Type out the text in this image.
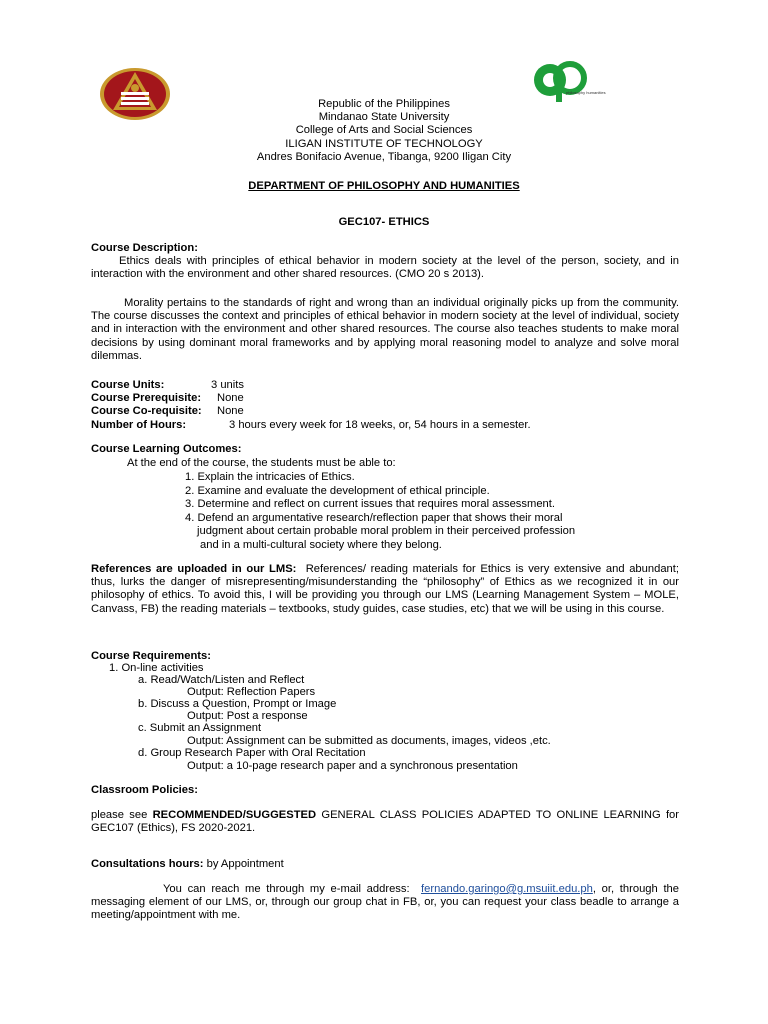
philosophy humanities
Republic of the Philippines
Mindanao State University
College of Arts and Social Sciences
ILIGAN INSTITUTE OF TECHNOLOGY
Andres Bonifacio Avenue, Tibanga, 9200 Iligan City
DEPARTMENT OF PHILOSOPHY AND HUMANITIES
GEC107- ETHICS
Course Description:
Ethics deals with principles of ethical behavior in modern society at the level of the person, society, and in interaction with the environment and other shared resources. (CMO 20 s 2013).
Morality pertains to the standards of right and wrong than an individual originally picks up from the community. The course discusses the context and principles of ethical behavior in modern society at the level of individual, society and in interaction with the environment and other shared resources. The course also teaches students to make moral decisions by using dominant moral frameworks and by applying moral reasoning model to analyze and solve moral dilemmas.
Course Units:	3 units
Course Prerequisite: None
Course Co-requisite: None
Number of Hours:	3 hours every week for 18 weeks, or, 54 hours in a semester.
Course Learning Outcomes:
At the end of the course, the students must be able to:
1. Explain the intricacies of Ethics.
2. Examine and evaluate the development of ethical principle.
3. Determine and reflect on current issues that requires moral assessment.
4. Defend an argumentative research/reflection paper that shows their moral
judgment about certain probable moral problem in their perceived profession
and in a multi-cultural society where they belong.
References are uploaded in our LMS: References/ reading materials for Ethics is very extensive and abundant; thus, lurks the danger of misrepresenting/misunderstanding the “philosophy” of Ethics as we recognized it in our philosophy of ethics. To avoid this, I will be providing you through our LMS (Learning Management System – MOLE, Canvass, FB) the reading materials – textbooks, study guides, case studies, etc) that we will be using in this course.
Course Requirements:
1. On-line activities
a. Read/Watch/Listen and Reflect
Output: Reflection Papers
b. Discuss a Question, Prompt or Image
Output: Post a response
c. Submit an Assignment
Output: Assignment can be submitted as documents, images, videos ,etc.
d. Group Research Paper with Oral Recitation
Output: a 10-page research paper and a synchronous presentation
Classroom Policies:
please see RECOMMENDED/SUGGESTED GENERAL CLASS POLICIES ADAPTED TO ONLINE LEARNING for GEC107 (Ethics), FS 2020-2021.
Consultations hours: by Appointment
You can reach me through my e-mail address: fernando.garingo@g.msuiit.edu.ph, or, through the messaging element of our LMS, or, through our group chat in FB, or, you can request your class beadle to arrange a meeting/appointment with me.
